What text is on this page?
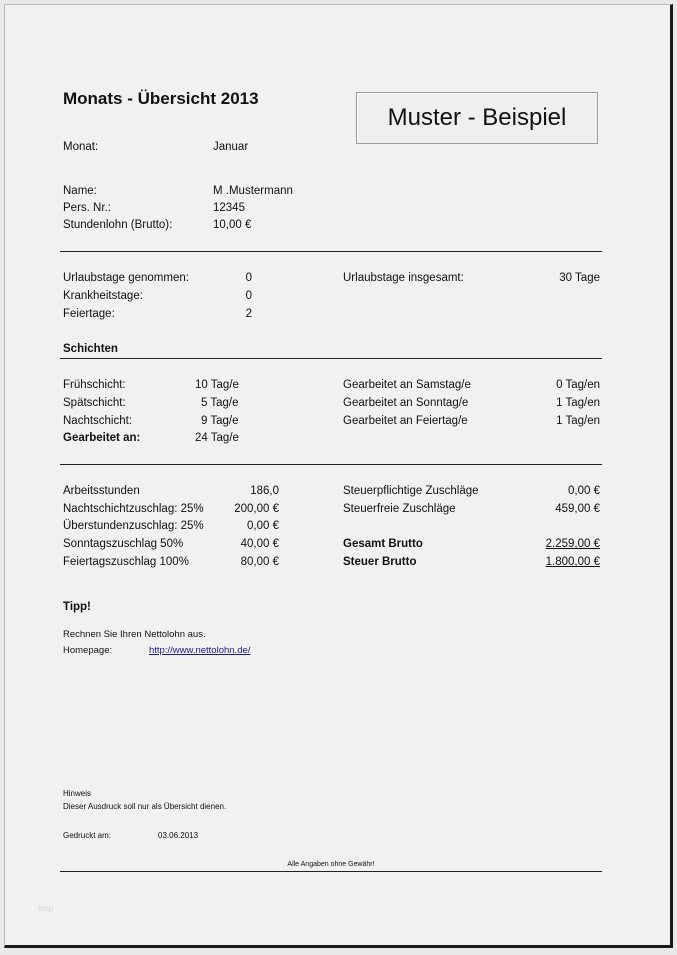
Monats - Übersicht 2013
Muster - Beispiel
Monat:	Januar
Name:	M .Mustermann
Pers. Nr.:	12345
Stundenlohn (Brutto):	10,00 €
Urlaubstage genommen:	0
Krankheitstage:	0
Feiertage:	2
Urlaubstage insgesamt:	30 Tage
Schichten
Frühschicht:	10 Tag/e
Spätschicht:	5 Tag/e
Nachtschicht:	9 Tag/e
Gearbeitet an:	24 Tag/e
Gearbeitet an Samstag/e	0 Tag/en
Gearbeitet an Sonntag/e	1 Tag/en
Gearbeitet an Feiertag/e	1 Tag/en
Arbeitsstunden	186,0
Nachtschichtzuschlag: 25%	200,00 €
Überstundenzuschlag: 25%	0,00 €
Sonntagszuschlag 50%	40,00 €
Feiertagszuschlag 100%	80,00 €
Steuerpflichtige Zuschläge	0,00 €
Steuerfreie Zuschläge	459,00 €
Gesamt Brutto	2.259,00 €
Steuer Brutto	1.800,00 €
Tipp!
Rechnen Sie Ihren Nettolohn aus.
Homepage:	http://www.nettolohn.de/
Hinweis
Dieser Ausdruck soll nur als Übersicht dienen.
Gedruckt am:	03.06.2013
Alle Angaben ohne Gewähr!
tecp
